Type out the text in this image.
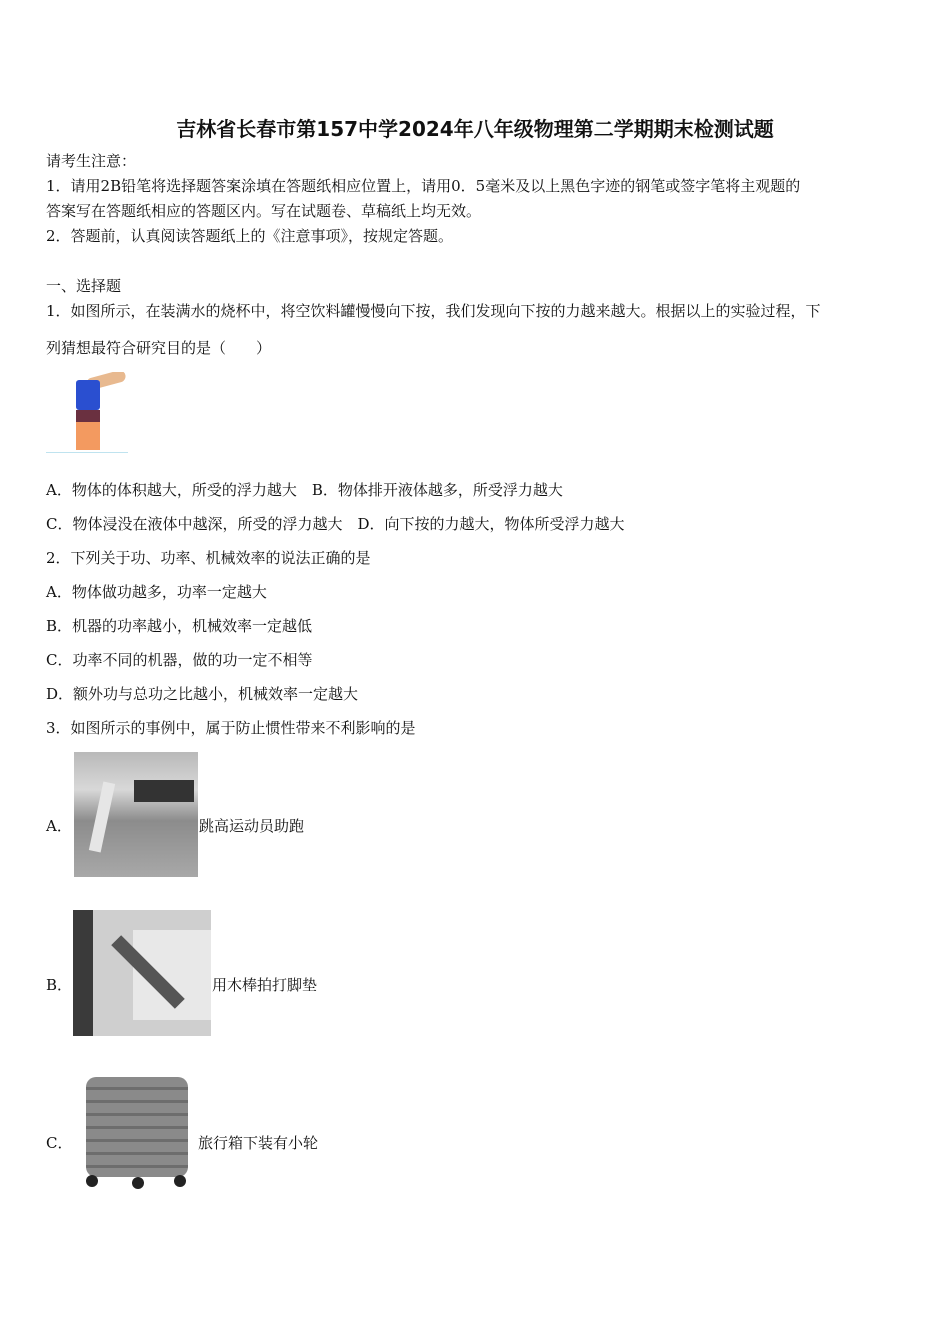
吉林省长春市第157中学2024年八年级物理第二学期期末检测试题
请考生注意：
1．请用2B铅笔将选择题答案涂填在答题纸相应位置上，请用0．5毫米及以上黑色字迹的钢笔或签字笔将主观题的
答案写在答题纸相应的答题区内。写在试题卷、草稿纸上均无效。
2．答题前，认真阅读答题纸上的《注意事项》，按规定答题。
一、选择题
1．如图所示，在装满水的烧杯中，将空饮料罐慢慢向下按，我们发现向下按的力越来越大。根据以上的实验过程，下
列猜想最符合研究目的是（　　）
A．物体的体积越大，所受的浮力越大　B．物体排开液体越多，所受浮力越大
C．物体浸没在液体中越深，所受的浮力越大　D．向下按的力越大，物体所受浮力越大
2．下列关于功、功率、机械效率的说法正确的是
A．物体做功越多，功率一定越大
B．机器的功率越小，机械效率一定越低
C．功率不同的机器，做的功一定不相等
D．额外功与总功之比越小，机械效率一定越大
3．如图所示的事例中，属于防止惯性带来不利影响的是
A．	跳高运动员助跑
B．	用木棒拍打脚垫
C．	旅行箱下装有小轮
